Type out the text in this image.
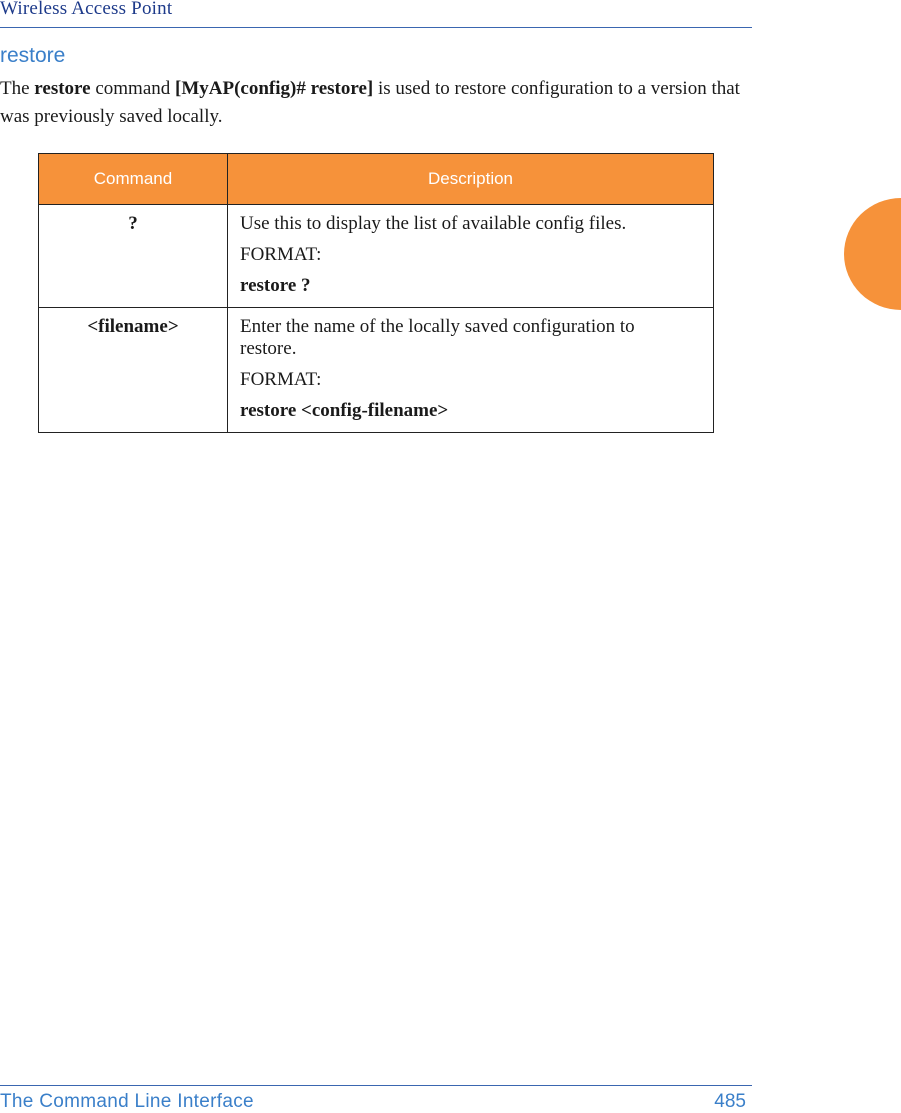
Wireless Access Point
restore

The restore command [MyAP(config)# restore] is used to restore configuration to a version that was previously saved locally.

Command	Description
?	Use this to display the list of available config files.

FORMAT:

restore ?

<filename>	Enter the name of the locally saved configuration to restore.

FORMAT:

restore <config-filename>

The Command Line Interface	485
